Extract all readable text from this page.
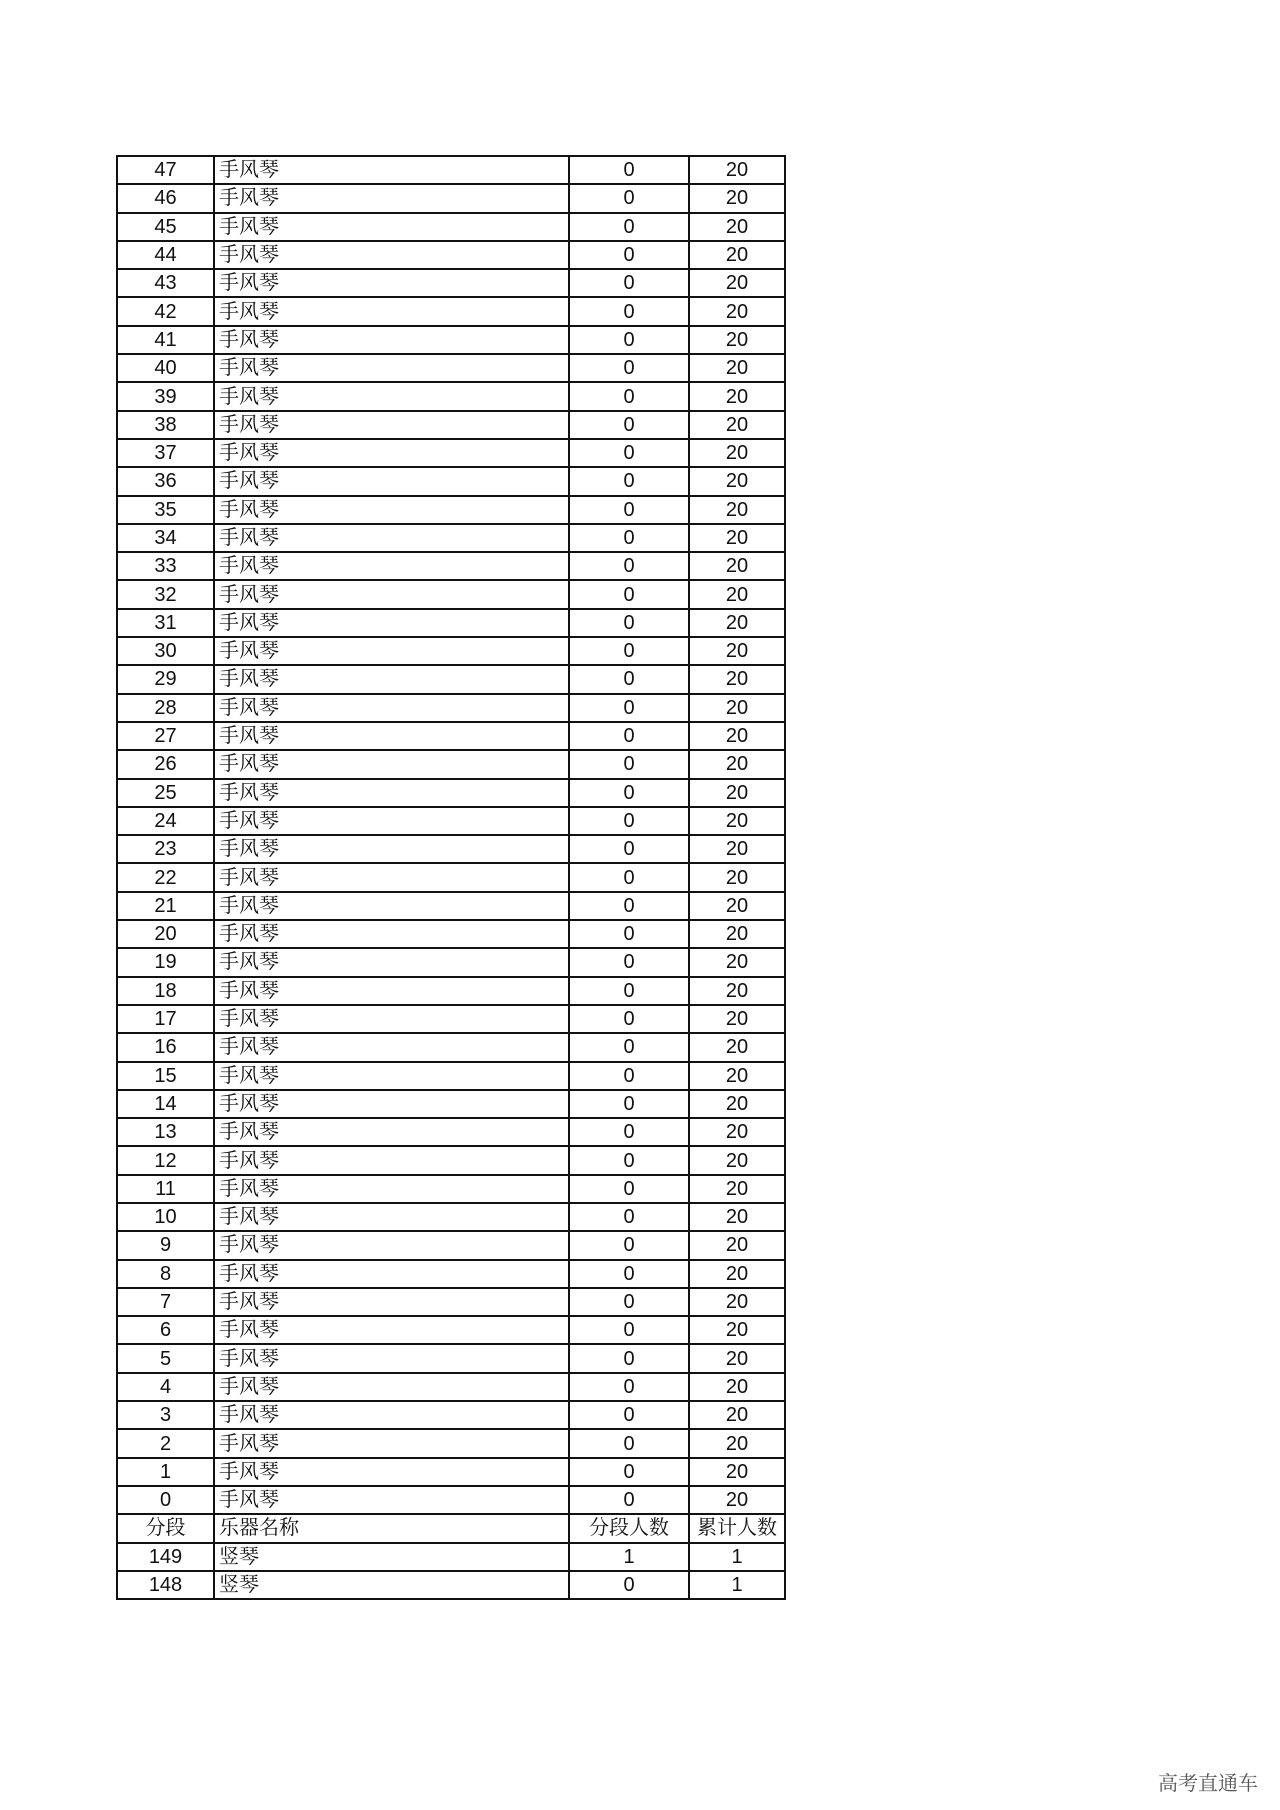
47	手风琴	0	20
46	手风琴	0	20
45	手风琴	0	20
44	手风琴	0	20
43	手风琴	0	20
42	手风琴	0	20
41	手风琴	0	20
40	手风琴	0	20
39	手风琴	0	20
38	手风琴	0	20
37	手风琴	0	20
36	手风琴	0	20
35	手风琴	0	20
34	手风琴	0	20
33	手风琴	0	20
32	手风琴	0	20
31	手风琴	0	20
30	手风琴	0	20
29	手风琴	0	20
28	手风琴	0	20
27	手风琴	0	20
26	手风琴	0	20
25	手风琴	0	20
24	手风琴	0	20
23	手风琴	0	20
22	手风琴	0	20
21	手风琴	0	20
20	手风琴	0	20
19	手风琴	0	20
18	手风琴	0	20
17	手风琴	0	20
16	手风琴	0	20
15	手风琴	0	20
14	手风琴	0	20
13	手风琴	0	20
12	手风琴	0	20
11	手风琴	0	20
10	手风琴	0	20
9	手风琴	0	20
8	手风琴	0	20
7	手风琴	0	20
6	手风琴	0	20
5	手风琴	0	20
4	手风琴	0	20
3	手风琴	0	20
2	手风琴	0	20
1	手风琴	0	20
0	手风琴	0	20
分段	乐器名称	分段人数	累计人数
149	竖琴	1	1
148	竖琴	0	1
高考直通车
